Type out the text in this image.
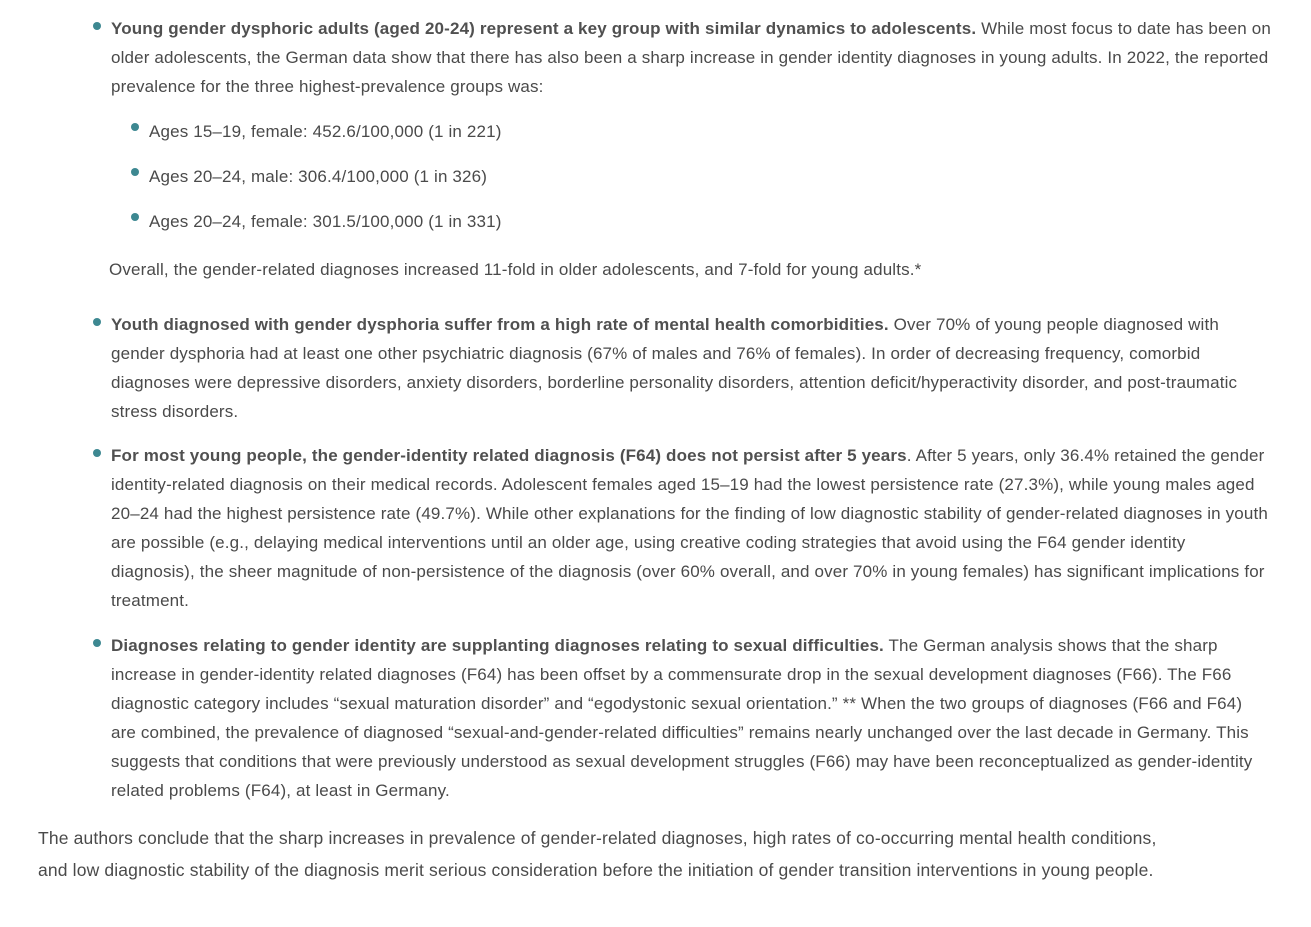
Young gender dysphoric adults (aged 20-24) represent a key group with similar dynamics to adolescents. While most focus to date has been on older adolescents, the German data show that there has also been a sharp increase in gender identity diagnoses in young adults. In 2022, the reported prevalence for the three highest-prevalence groups was:
Ages 15–19, female: 452.6/100,000 (1 in 221)
Ages 20–24, male: 306.4/100,000 (1 in 326)
Ages 20–24, female: 301.5/100,000 (1 in 331)

Overall, the gender-related diagnoses increased 11-fold in older adolescents, and 7-fold for young adults.*

Youth diagnosed with gender dysphoria suffer from a high rate of mental health comorbidities. Over 70% of young people diagnosed with gender dysphoria had at least one other psychiatric diagnosis (67% of males and 76% of females). In order of decreasing frequency, comorbid diagnoses were depressive disorders, anxiety disorders, borderline personality disorders, attention deficit/hyperactivity disorder, and post-traumatic stress disorders.
For most young people, the gender-identity related diagnosis (F64) does not persist after 5 years. After 5 years, only 36.4% retained the gender identity-related diagnosis on their medical records. Adolescent females aged 15–19 had the lowest persistence rate (27.3%), while young males aged 20–24 had the highest persistence rate (49.7%). While other explanations for the finding of low diagnostic stability of gender-related diagnoses in youth are possible (e.g., delaying medical interventions until an older age, using creative coding strategies that avoid using the F64 gender identity diagnosis), the sheer magnitude of non-persistence of the diagnosis (over 60% overall, and over 70% in young females) has significant implications for treatment.
Diagnoses relating to gender identity are supplanting diagnoses relating to sexual difficulties. The German analysis shows that the sharp increase in gender-identity related diagnoses (F64) has been offset by a commensurate drop in the sexual development diagnoses (F66). The F66 diagnostic category includes “sexual maturation disorder” and “egodystonic sexual orientation.” ** When the two groups of diagnoses (F66 and F64) are combined, the prevalence of diagnosed “sexual-and-gender-related difficulties” remains nearly unchanged over the last decade in Germany. This suggests that conditions that were previously understood as sexual development struggles (F66) may have been reconceptualized as gender-identity related problems (F64), at least in Germany.

The authors conclude that the sharp increases in prevalence of gender-related diagnoses, high rates of co-occurring mental health conditions, and low diagnostic stability of the diagnosis merit serious consideration before the initiation of gender transition interventions in young people.
